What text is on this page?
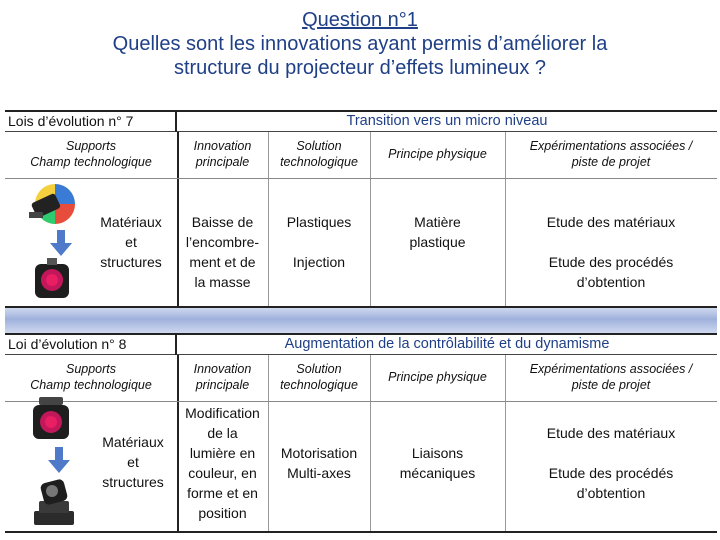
Question n°1
Quelles sont les innovations ayant permis d’améliorer la
structure du projecteur d’effets lumineux ?
Lois d’évolution n° 7	Transition vers un micro niveau
Supports
Champ technologique
Innovation
principale
Solution
technologique
Principe physique
Expérimentations associées /
piste de projet
Matériaux
et
structures
Baisse de
l’encombre-
ment et de
la masse
Plastiques

Injection
Matière
plastique
Etude des matériaux

Etude des procédés
d’obtention
Loi d’évolution n° 8	Augmentation de la contrôlabilité et du dynamisme
Supports
Champ technologique
Innovation
principale
Solution
technologique
Principe physique
Expérimentations associées /
piste de projet
Matériaux
et
structures
Modification
de la
lumière en
couleur, en
forme et en
position
Motorisation
Multi-axes
Liaisons
mécaniques
Etude des matériaux

Etude des procédés
d’obtention
